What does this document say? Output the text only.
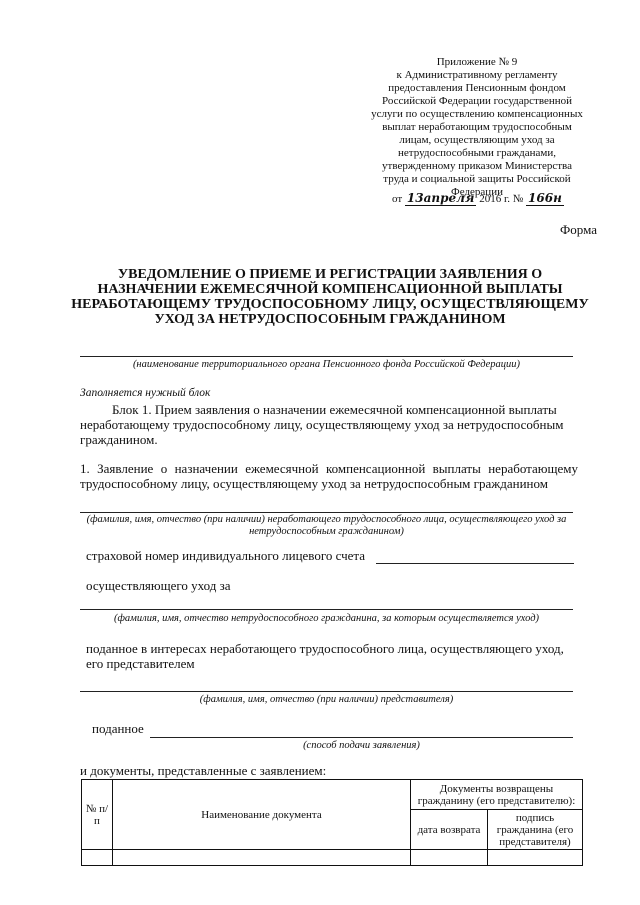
Приложение № 9
к Административному регламенту
предоставления Пенсионным фондом
Российской Федерации государственной
услуги по осуществлению компенсационных
выплат неработающим трудоспособным
лицам, осуществляющим уход за
нетрудоспособными гражданами,
утвержденному приказом Министерства
труда и социальной защиты Российской
Федерации
от 13апреля 2016 г. № 166н
Форма
УВЕДОМЛЕНИЕ О ПРИЕМЕ И РЕГИСТРАЦИИ ЗАЯВЛЕНИЯ О НАЗНАЧЕНИИ ЕЖЕМЕСЯЧНОЙ КОМПЕНСАЦИОННОЙ ВЫПЛАТЫ НЕРАБОТАЮЩЕМУ ТРУДОСПОСОБНОМУ ЛИЦУ, ОСУЩЕСТВЛЯЮЩЕМУ УХОД ЗА НЕТРУДОСПОСОБНЫМ ГРАЖДАНИНОМ
(наименование территориального органа Пенсионного фонда Российской Федерации)
Заполняется нужный блок
Блок 1. Прием заявления о назначении ежемесячной компенсационной выплаты неработающему трудоспособному лицу, осуществляющему уход за нетрудоспособным гражданином.
1. Заявление о назначении ежемесячной компенсационной выплаты неработающему трудоспособному лицу, осуществляющему уход за нетрудоспособным гражданином
(фамилия, имя, отчество (при наличии) неработающего трудоспособного лица, осуществляющего уход за нетрудоспособным гражданином)
страховой номер индивидуального лицевого счета
осуществляющего уход за
(фамилия, имя, отчество нетрудоспособного гражданина, за которым осуществляется уход)
поданное в интересах неработающего трудоспособного лица, осуществляющего уход, его представителем
(фамилия, имя, отчество (при наличии) представителя)
поданное
(способ подачи заявления)
и документы, представленные с заявлением:
№ п/п	Наименование документа	Документы возвращены гражданину (его представителю):	
		дата возврата	подпись гражданина (его представителя)
